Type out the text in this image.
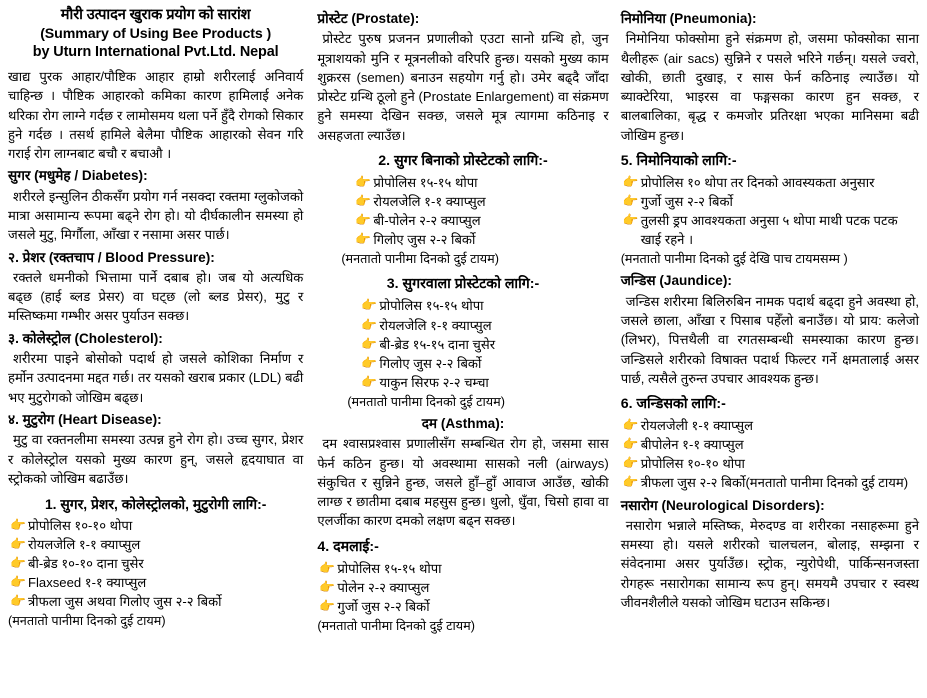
मौरी उत्पादन खुराक प्रयोग को सारांश
(Summary of Using Bee Products )
by Uturn International Pvt.Ltd. Nepal

खाद्य पुरक आहार/पौष्टिक आहार हाम्रो शरीरलाई अनिवार्य चाहिन्छ । पौष्टिक आहारको कमिका कारण हामिलाई अनेक थरिका रोग लाग्ने गर्दछ र लामोसमय थला पर्ने हुँदै रोगको सिकार हुने गर्दछ । तसर्थ हामिले बेलैमा पौष्टिक आहारको सेवन गरि गराई रोग लाग्नबाट बचौ र बचाऔ ।

सुगर (मधुमेह / Diabetes):

शरीरले इन्सुलिन ठीकसँग प्रयोग गर्न नसक्दा रक्तमा ग्लुकोजको मात्रा असामान्य रूपमा बढ्ने रोग हो। यो दीर्घकालीन समस्या हो जसले मुटु, मिर्गौला, आँखा र नसामा असर पार्छ।

२. प्रेशर (रक्तचाप / Blood Pressure):

रक्तले धमनीको भित्तामा पार्ने दबाब हो। जब यो अत्यधिक बढ्छ (हाई ब्लड प्रेसर) वा घट्छ (लो ब्लड प्रेसर), मुटु र मस्तिष्कमा गम्भीर असर पुर्याउन सक्छ।

३. कोलेस्ट्रोल (Cholesterol):

शरीरमा पाइने बोसोको पदार्थ हो जसले कोशिका निर्माण र हर्मोन उत्पादनमा मद्दत गर्छ। तर यसको खराब प्रकार (LDL) बढी भए मुटुरोगको जोखिम बढ्छ।

४. मुटुरोग (Heart Disease):

मुटु वा रक्तनलीमा समस्या उत्पन्न हुने रोग हो। उच्च सुगर, प्रेशर र कोलेस्ट्रोल यसको मुख्य कारण हुन्, जसले हृदयाघात वा स्ट्रोकको जोखिम बढाउँछ।

1. सुगर, प्रेशर, कोलेस्ट्रोलको, मुटुरोगी लागि:-
👉 प्रोपोलिस १०-१० थोपा
👉 रोयलजेलि १-१ क्याप्सुल
👉 बी-ब्रेड १०-१० दाना चुसेर
👉 Flaxseed १-१ क्याप्सुल
👉 त्रीफला जुस अथवा गिलोए जुस २-२ बिर्को
(मनतातो पानीमा दिनको दुई टायम)
प्रोस्टेट (Prostate):

प्रोस्टेट पुरुष प्रजनन प्रणालीको एउटा सानो ग्रन्थि हो, जुन मूत्राशयको मुनि र मूत्रनलीको वरिपरि हुन्छ। यसको मुख्य काम शुक्ररस (semen) बनाउन सहयोग गर्नु हो। उमेर बढ्दै जाँदा प्रोस्टेट ग्रन्थि ठूलो हुने (Prostate Enlargement) वा संक्रमण हुने समस्या देखिन सक्छ, जसले मूत्र त्यागमा कठिनाइ र असहजता ल्याउँछ।

2. सुगर बिनाको प्रोस्टेटको लागि:-
👉 प्रोपोलिस १५-१५ थोपा
👉 रोयलजेलि १-१ क्याप्सुल
👉 बी-पोलेन २-२ क्याप्सुल
👉 गिलोए जुस २-२ बिर्को
(मनतातो पानीमा दिनको दुई टायम)
3. सुगरवाला प्रोस्टेटको लागि:-
👉 प्रोपोलिस १५-१५ थोपा
👉 रोयलजेलि १-१ क्याप्सुल
👉 बी-ब्रेड १५-१५ दाना चुसेर
👉 गिलोए जुस २-२ बिर्को
👉 याकुन सिरफ २-२ चम्चा
(मनतातो पानीमा दिनको दुई टायम)
दम (Asthma):

दम श्वासप्रश्वास प्रणालीसँग सम्बन्धित रोग हो, जसमा सास फेर्न कठिन हुन्छ। यो अवस्थामा सासको नली (airways) संकुचित र सुन्निने हुन्छ, जसले हुाँ–हुाँ आवाज आउँछ, खोकी लाग्छ र छातीमा दबाब महसुस हुन्छ। धुलो, धुँवा, चिसो हावा वा एलर्जीका कारण दमको लक्षण बढ्न सक्छ।

4. दमलाई:-
👉 प्रोपोलिस १५-१५ थोपा
👉 पोलेन २-२ क्याप्सुल
👉 गुर्जो जुस २-२ बिर्को
(मनतातो पानीमा दिनको दुई टायम)
निमोनिया (Pneumonia):

निमोनिया फोक्सोमा हुने संक्रमण हो, जसमा फोक्सोका साना थैलीहरू (air sacs) सुन्निने र पसले भरिने गर्छन्। यसले ज्वरो, खोकी, छाती दुखाइ, र सास फेर्न कठिनाइ ल्याउँछ। यो ब्याक्टेरिया, भाइरस वा फङ्गसका कारण हुन सक्छ, र बालबालिका, बृद्ध र कमजोर प्रतिरक्षा भएका मानिसमा बढी जोखिम हुन्छ।

5. निमोनियाको लागि:-
👉 प्रोपोलिस १० थोपा तर दिनको आवस्यकता अनुसार
👉 गुर्जो जुस २-२ बिर्को
👉 तुलसी ड्रप आवश्यकता अनुसा ५ थोपा माथी पटक पटक खाई रहने ।
(मनतातो पानीमा दिनको दुई देखि पाच टायमसम्म )
जन्डिस (Jaundice):

जन्डिस शरीरमा बिलिरुबिन नामक पदार्थ बढ्दा हुने अवस्था हो, जसले छाला, आँखा र पिसाब पहेँलो बनाउँछ। यो प्राय: कलेजो (लिभर), पित्तथैली वा रगतसम्बन्धी समस्याका कारण हुन्छ। जन्डिसले शरीरको विषाक्त पदार्थ फिल्टर गर्ने क्षमतालाई असर पार्छ, त्यसैले तुरुन्त उपचार आवश्यक हुन्छ।

6. जन्डिसको लागि:-
👉 रोयलजेली १-१ क्याप्सुल
👉 बीपोलेन १-१ क्याप्सुल
👉 प्रोपोलिस १०-१० थोपा
👉 त्रीफला जुस २-२ बिर्को(मनतातो पानीमा दिनको दुई टायम)
नसारोग (Neurological Disorders):

नसारोग भन्नाले मस्तिष्क, मेरुदण्ड वा शरीरका नसाहरूमा हुने समस्या हो। यसले शरीरको चालचलन, बोलाइ, सम्झना र संवेदनामा असर पुर्याउँछ। स्ट्रोक, न्युरोपेथी, पार्किन्सनजस्ता रोगहरू नसारोगका सामान्य रूप हुन्। समयमै उपचार र स्वस्थ जीवनशैलीले यसको जोखिम घटाउन सकिन्छ।
